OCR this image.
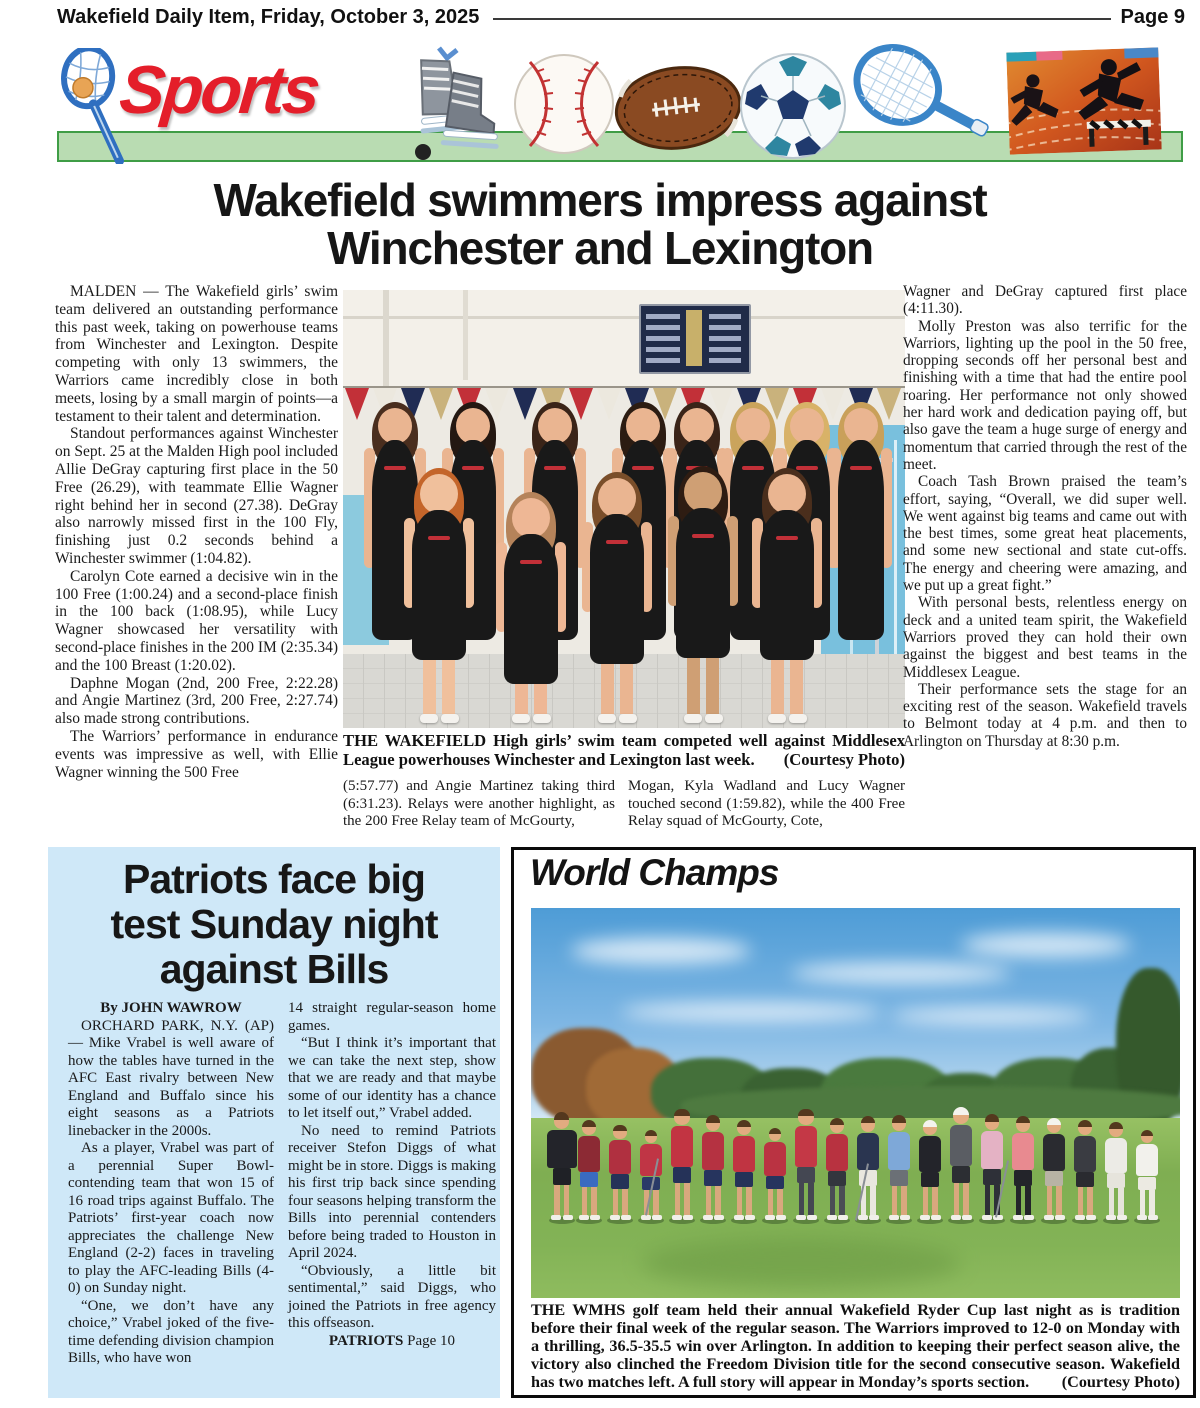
Wakefield Daily Item, Friday, October 3, 2025	Page 9
Sports
Wakefield swimmers impress against
Winchester and Lexington

MALDEN — The Wakefield girls’ swim team delivered an outstanding performance this past week, taking on powerhouse teams from Winchester and Lexington. Despite competing with only 13 swimmers, the Warriors came incredibly close in both meets, losing by a small margin of points—a testament to their talent and determination.

Standout performances against Winchester on Sept. 25 at the Malden High pool included Allie DeGray capturing first place in the 50 Free (26.29), with teammate Ellie Wagner right behind her in second (27.38). DeGray also narrowly missed first in the 100 Fly, finishing just 0.2 seconds behind a Winchester swimmer (1:04.82).

Carolyn Cote earned a decisive win in the 100 Free (1:00.24) and a second-place finish in the 100 back (1:08.95), while Lucy Wagner showcased her versatility with second-place finishes in the 200 IM (2:35.34) and the 100 Breast (1:20.02).

Daphne Mogan (2nd, 200 Free, 2:22.28) and Angie Martinez (3rd, 200 Free, 2:27.74) also made strong contributions.

The Warriors’ performance in endurance events was impressive as well, with Ellie Wagner winning the 500 Free

THE WAKEFIELD High girls’ swim team competed well against Middlesex League powerhouses Winchester and Lexington last week. (Courtesy Photo)

(5:57.77) and Angie Martinez taking third (6:31.23). Relays were another highlight, as the 200 Free Relay team of McGourty,

Mogan, Kyla Wadland and Lucy Wagner touched second (1:59.82), while the 400 Free Relay squad of McGourty, Cote,

Wagner and DeGray captured first place (4:11.30).

Molly Preston was also terrific for the Warriors, lighting up the pool in the 50 free, dropping seconds off her personal best and finishing with a time that had the entire pool roaring. Her performance not only showed her hard work and dedication paying off, but also gave the team a huge surge of energy and momentum that carried through the rest of the meet.

Coach Tash Brown praised the team’s effort, saying, “Overall, we did super well. We went against big teams and came out with the best times, some great heat placements, and some new sectional and state cut-offs. The energy and cheering were amazing, and we put up a great fight.”

With personal bests, relentless energy on deck and a united team spirit, the Wakefield Warriors proved they can hold their own against the biggest and best teams in the Middlesex League.

Their performance sets the stage for an exciting rest of the season. Wakefield travels to Belmont today at 4 p.m. and then to Arlington on Thursday at 8:30 p.m.

Patriots face big
test Sunday night
against Bills

By JOHN WAWROW

ORCHARD PARK, N.Y. (AP) — Mike Vrabel is well aware of how the tables have turned in the AFC East rivalry between New England and Buffalo since his eight seasons as a Patriots linebacker in the 2000s.

As a player, Vrabel was part of a perennial Super Bowl-contending team that won 15 of 16 road trips against Buffalo. The Patriots’ first-year coach now appreciates the challenge New England (2-2) faces in traveling to play the AFC-leading Bills (4-0) on Sunday night.

“One, we don’t have any choice,” Vrabel joked of the five-time defending division champion Bills, who have won

14 straight regular-season home games.

“But I think it’s important that we can take the next step, show that we are ready and that maybe some of our identity has a chance to let itself out,” Vrabel added.

No need to remind Patriots receiver Stefon Diggs of what might be in store. Diggs is making his first trip back since spending four seasons helping transform the Bills into perennial contenders before being traded to Houston in April 2024.

“Obviously, a little bit sentimental,” said Diggs, who joined the Patriots in free agency this offseason.

PATRIOTS Page 10

World Champs
THE WMHS golf team held their annual Wakefield Ryder Cup last night as is tradition before their final week of the regular season. The Warriors improved to 12-0 on Monday with a thrilling, 36.5-35.5 win over Arlington. In addition to keeping their perfect season alive, the victory also clinched the Freedom Division title for the second consecutive season. Wakefield has two matches left. A full story will appear in Monday’s sports section. (Courtesy Photo)
